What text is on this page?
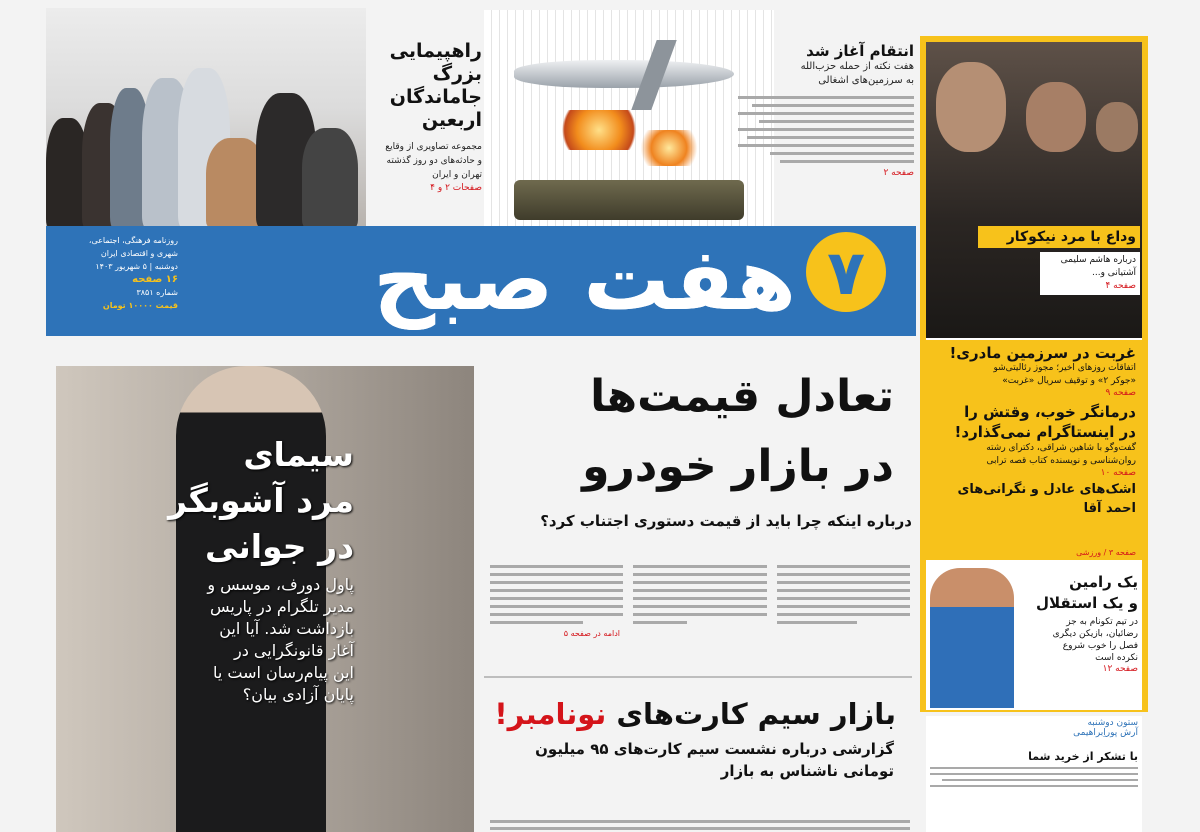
راهپیمایی
بزرگ
جاماندگان
اربعین
مجموعه تصاویری از وقایع
و حادثه‌های دو روز گذشته
تهران و ایران
صفحات ۲ و ۴
انتقام آغاز شد
هفت نکته از حمله حزب‌الله
به سرزمین‌های اشغالی
صفحه ۲
هفت صبح ۷
روزنامه فرهنگی، اجتماعی،
شهری و اقتصادی ایران
دوشنبه | ۵ شهریور ۱۴۰۳
۱۶ صفحه
شماره ۳۸۵۱
قیمت ۱۰۰۰۰ تومان
وداع با مرد نیکوکار
درباره هاشم سلیمی
آشتیانی و...
صفحه ۴
غربت در سرزمین مادری!
اتفاقات روزهای اخیر؛ مجوز رئالیتی‌شو
«جوکر ۲» و توقیف سریال «غربت»
صفحه ۹
درمانگر خوب، وقتش را
در اینستاگرام نمی‌گذارد!
گفت‌وگو با شاهین شراقی، دکترای رشته
روان‌شناسی و نویسنده کتاب قصه ترابی
صفحه ۱۰
اشک‌های عادل و نگرانی‌های
احمد آقا
صفحه ۳ / ورزشی
یک رامین
و یک استقلال
در تیم تکونام به جز
رضائیان، بازیکن دیگری
فصل را خوب شروع
نکرده است
صفحه ۱۲
ستون دوشنبه
آرش پوراِبراهیمی
با تشکر از خرید شما
سیمای
مرد آشوبگر
در جوانی
پاول دورف، موسس و
مدیر تلگرام در پاریس
بازداشت شد. آیا این
آغاز قانونگرایی در
این پیام‌رسان است یا
پایان آزادی بیان؟
تعادل قیمت‌ها
در بازار خودرو
درباره اینکه چرا باید از قیمت دستوری اجتناب کرد؟
ادامه در صفحه ۵
بازار سیم کارت‌های نونامبر!
گزارشی درباره نشست سیم کارت‌های ۹۵ میلیون
تومانی ناشناس به بازار
